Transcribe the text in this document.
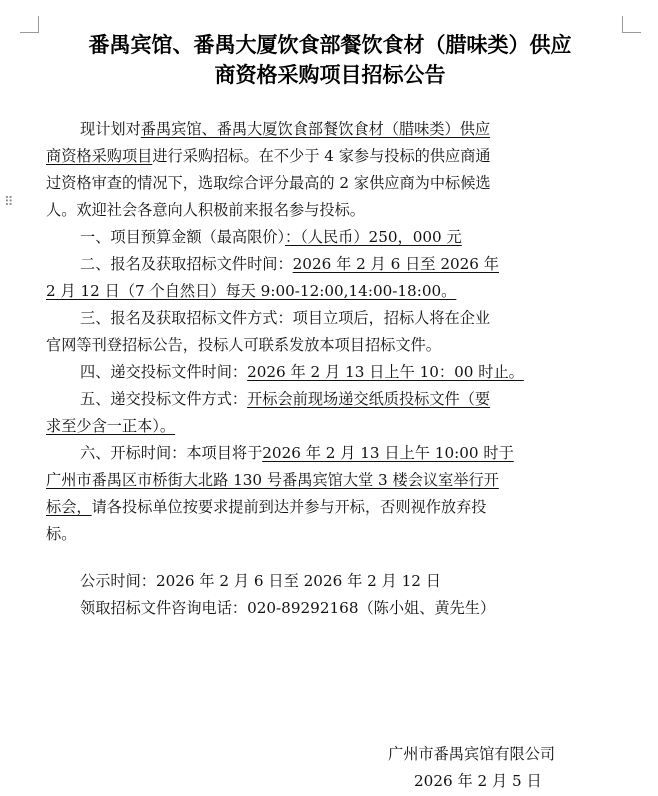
⠿
番禺宾馆、番禺大厦饮食部餐饮食材（腊味类）供应
商资格采购项目招标公告
现计划对番禺宾馆、番禺大厦饮食部餐饮食材（腊味类）供应
商资格采购项目进行采购招标。在不少于 4 家参与投标的供应商通
过资格审查的情况下，选取综合评分最高的 2 家供应商为中标候选
人。欢迎社会各意向人积极前来报名参与投标。
一、项目预算金额（最高限价）：（人民币）250，000 元
二、报名及获取招标文件时间：2026 年 2 月 6 日至 2026 年
2 月 12 日（7 个自然日）每天 9:00-12:00,14:00-18:00。
三、报名及获取招标文件方式：项目立项后，招标人将在企业
官网等刊登招标公告，投标人可联系发放本项目招标文件。
四、递交投标文件时间：2026 年 2 月 13 日上午 10：00 时止。
五、递交投标文件方式：开标会前现场递交纸质投标文件（要
求至少含一正本）。
六、开标时间：本项目将于2026 年 2 月 13 日上午 10:00 时于
广州市番禺区市桥街大北路 130 号番禺宾馆大堂 3 楼会议室举行开
标会，请各投标单位按要求提前到达并参与开标，否则视作放弃投
标。
公示时间：2026 年 2 月 6 日至 2026 年 2 月 12 日
领取招标文件咨询电话：020-89292168（陈小姐、黄先生）
广州市番禺宾馆有限公司
2026 年 2 月 5 日
